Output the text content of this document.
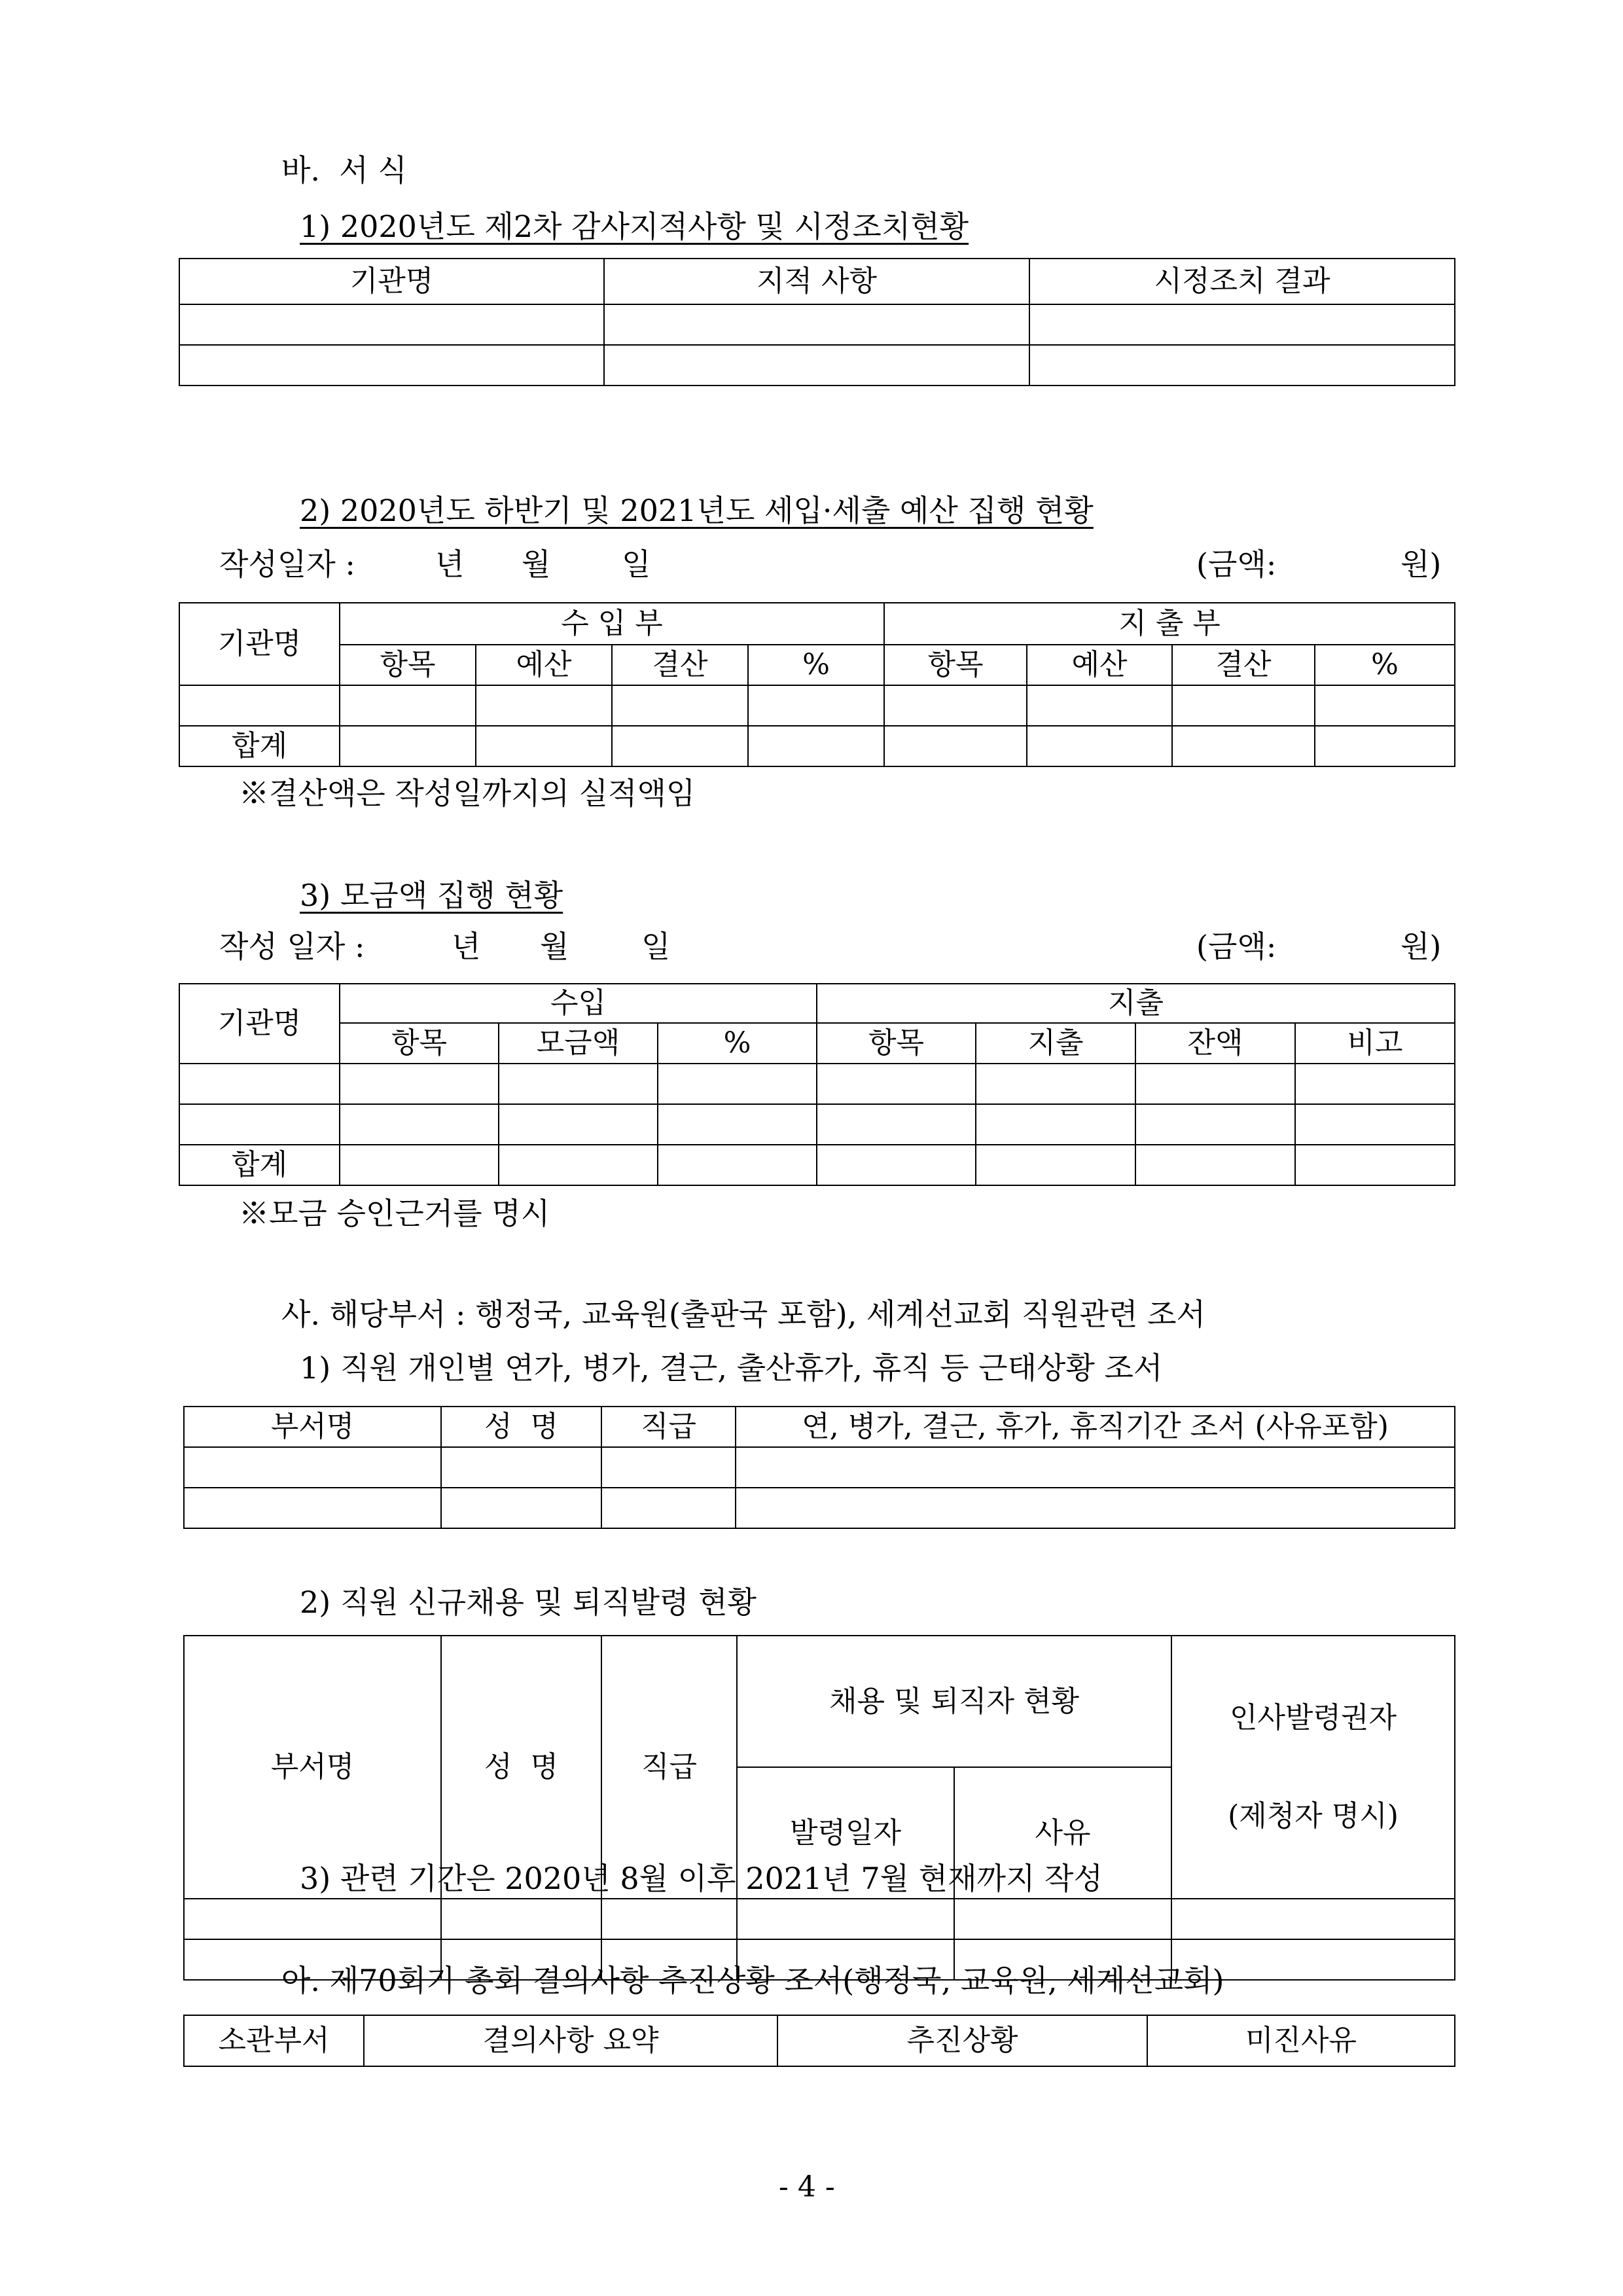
바.  서 식
1) 2020년도 제2차 감사지적사항 및 시정조치현황
기관명	지적 사항	시정조치 결과

2) 2020년도 하반기 및 2021년도 세입·세출 예산 집행 현황
작성일자 :	년 월 일	(금액:	원)
기관명	수 입 부				지 출 부			
	항목	예산	결산	%	항목	예산	결산	%

합계								
※결산액은 작성일까지의 실적액임
3) 모금액 집행 현황
작성 일자 :	년 월 일	(금액:	원)
기관명	수입			지출			
	항목	모금액	%	항목	지출	잔액	비고

합계							
※모금 승인근거를 명시
사. 해당부서 : 행정국, 교육원(출판국 포함), 세계선교회 직원관련 조서
1) 직원 개인별 연가, 병가, 결근, 출산휴가, 휴직 등 근태상황 조서
부서명	성  명	직급	연, 병가, 결근, 휴가, 휴직기간 조서 (사유포함)

2) 직원 신규채용 및 퇴직발령 현황
부서명	성  명	직급	채용 및 퇴직자 현황		인사발령권자

(제청자 명시)

			발령일자	사유	

3) 관련 기간은 2020년 8월 이후 2021년 7월 현재까지 작성
아. 제70회기 총회 결의사항 추진상황 조서(행정국, 교육원, 세계선교회)
소관부서	결의사항 요약	추진상황	미진사유
- 4 -
